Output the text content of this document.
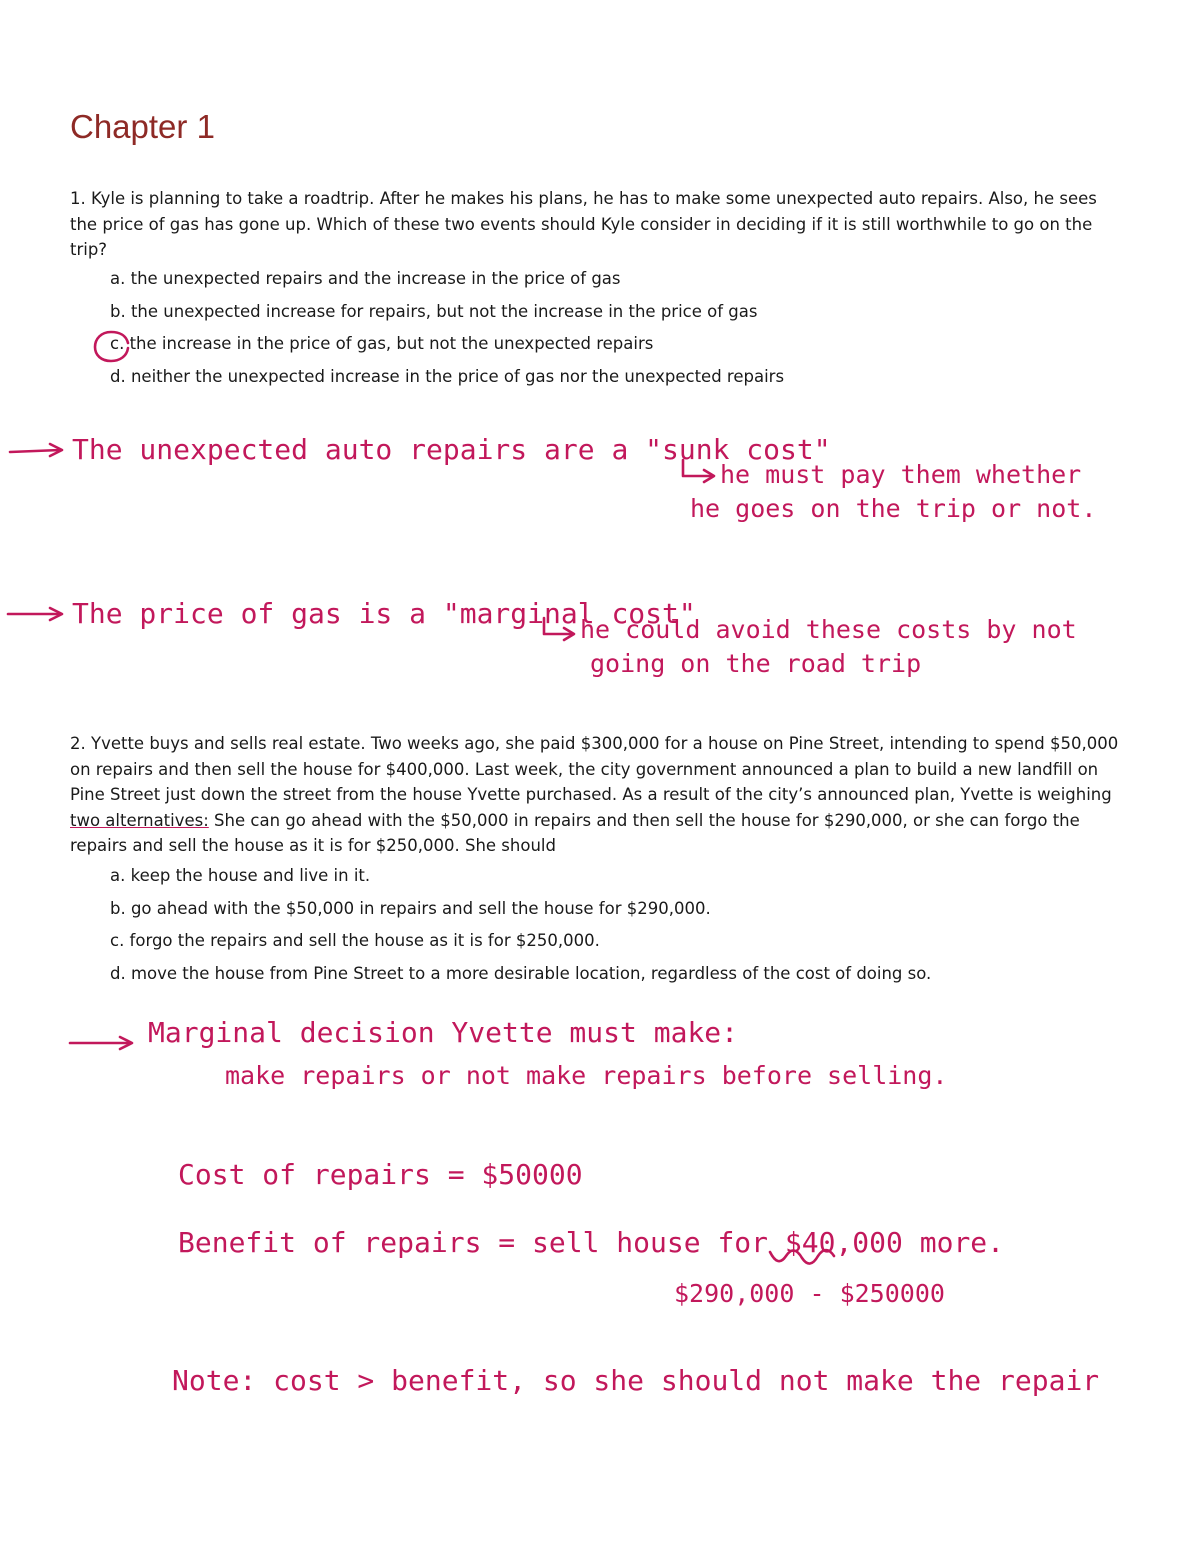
Chapter 1

1. Kyle is planning to take a roadtrip. After he makes his plans, he has to make some unexpected auto repairs. Also, he sees the price of gas has gone up. Which of these two events should Kyle consider in deciding if it is still worthwhile to go on the trip?

a. the unexpected repairs and the increase in the price of gas
b. the unexpected increase for repairs, but not the increase in the price of gas
c. the increase in the price of gas, but not the unexpected repairs
d. neither the unexpected increase in the price of gas nor the unexpected repairs
The unexpected auto repairs are a "sunk cost"
he must pay them whether
he goes on the trip or not.
The price of gas is a "marginal cost"
he could avoid these costs by not
going on the road trip

2. Yvette buys and sells real estate. Two weeks ago, she paid $300,000 for a house on Pine Street, intending to spend $50,000 on repairs and then sell the house for $400,000. Last week, the city government announced a plan to build a new landfill on Pine Street just down the street from the house Yvette purchased. As a result of the city’s announced plan, Yvette is weighing two alternatives: She can go ahead with the $50,000 in repairs and then sell the house for $290,000, or she can forgo the repairs and sell the house as it is for $250,000. She should

a. keep the house and live in it.
b. go ahead with the $50,000 in repairs and sell the house for $290,000.
c. forgo the repairs and sell the house as it is for $250,000.
d. move the house from Pine Street to a more desirable location, regardless of the cost of doing so.
Marginal decision Yvette must make:
make repairs or not make repairs before selling.
Cost of repairs = $50000
Benefit of repairs = sell house for $40,000 more.
$290,000 - $250000
Note: cost > benefit, so she should not make the repair
